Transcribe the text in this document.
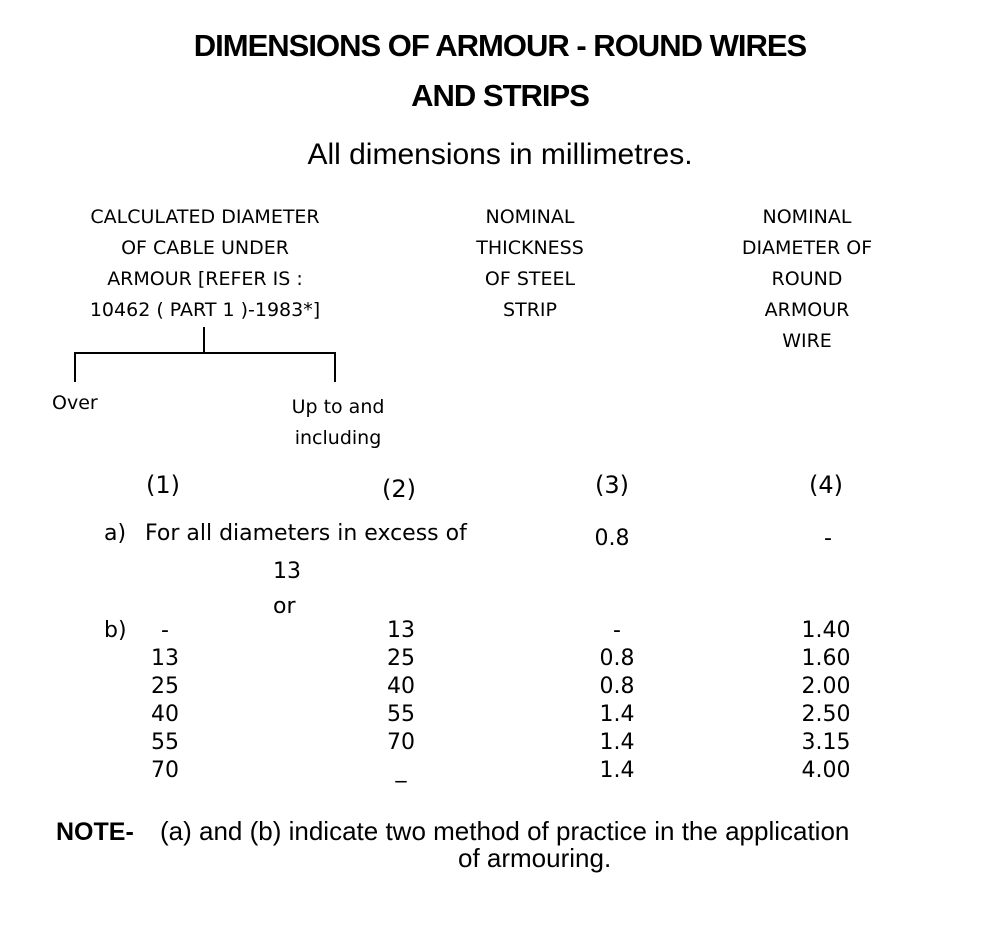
DIMENSIONS OF ARMOUR - ROUND WIRES
AND STRIPS
All dimensions in millimetres.
CALCULATED DIAMETER
OF CABLE UNDER
ARMOUR [REFER IS :
10462 ( PART 1 )-1983*]
NOMINAL
THICKNESS
OF STEEL
STRIP
NOMINAL
DIAMETER OF
ROUND
ARMOUR
WIRE
Over	Up to and
including
(1)	(2)	(3)	(4)
a) For all diameters in excess of
13
0.8	-
or
b)	-	13	-	1.40
13	25	0.8	1.60
25	40	0.8	2.00
40	55	1.4	2.50
55	70	1.4	3.15
70	_	1.4	4.00
NOTE- (a) and (b) indicate two method of practice in the application
of armouring.
